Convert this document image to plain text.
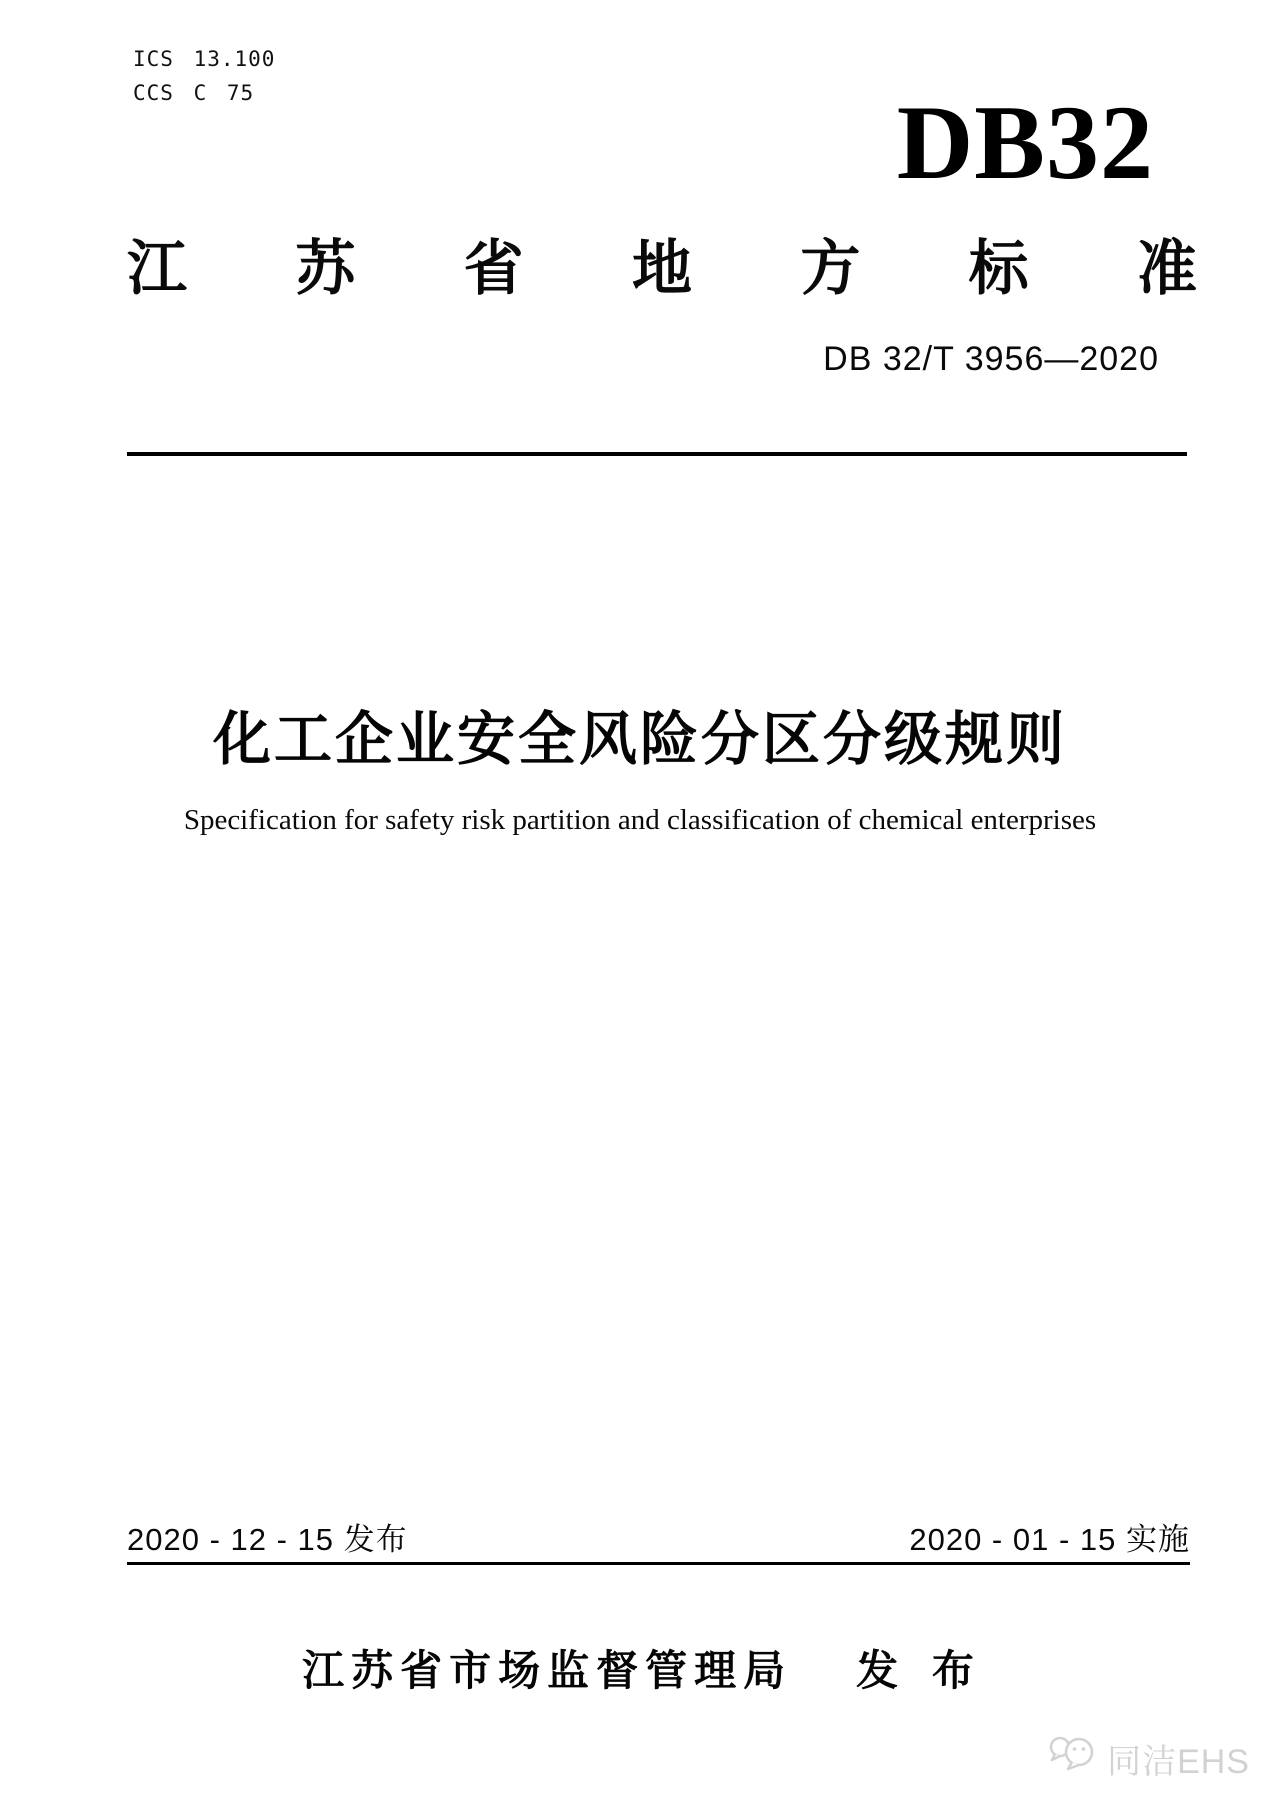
ICS 13.100
CCS C 75	DB32
江 苏 省 地 方 标 准
DB 32/T 3956—2020
化工企业安全风险分区分级规则
Specification for safety risk partition and classification of chemical enterprises
2020 - 12 - 15 发布	2020 - 01 - 15 实施
江苏省市场监督管理局 发 布
同洁EHS
